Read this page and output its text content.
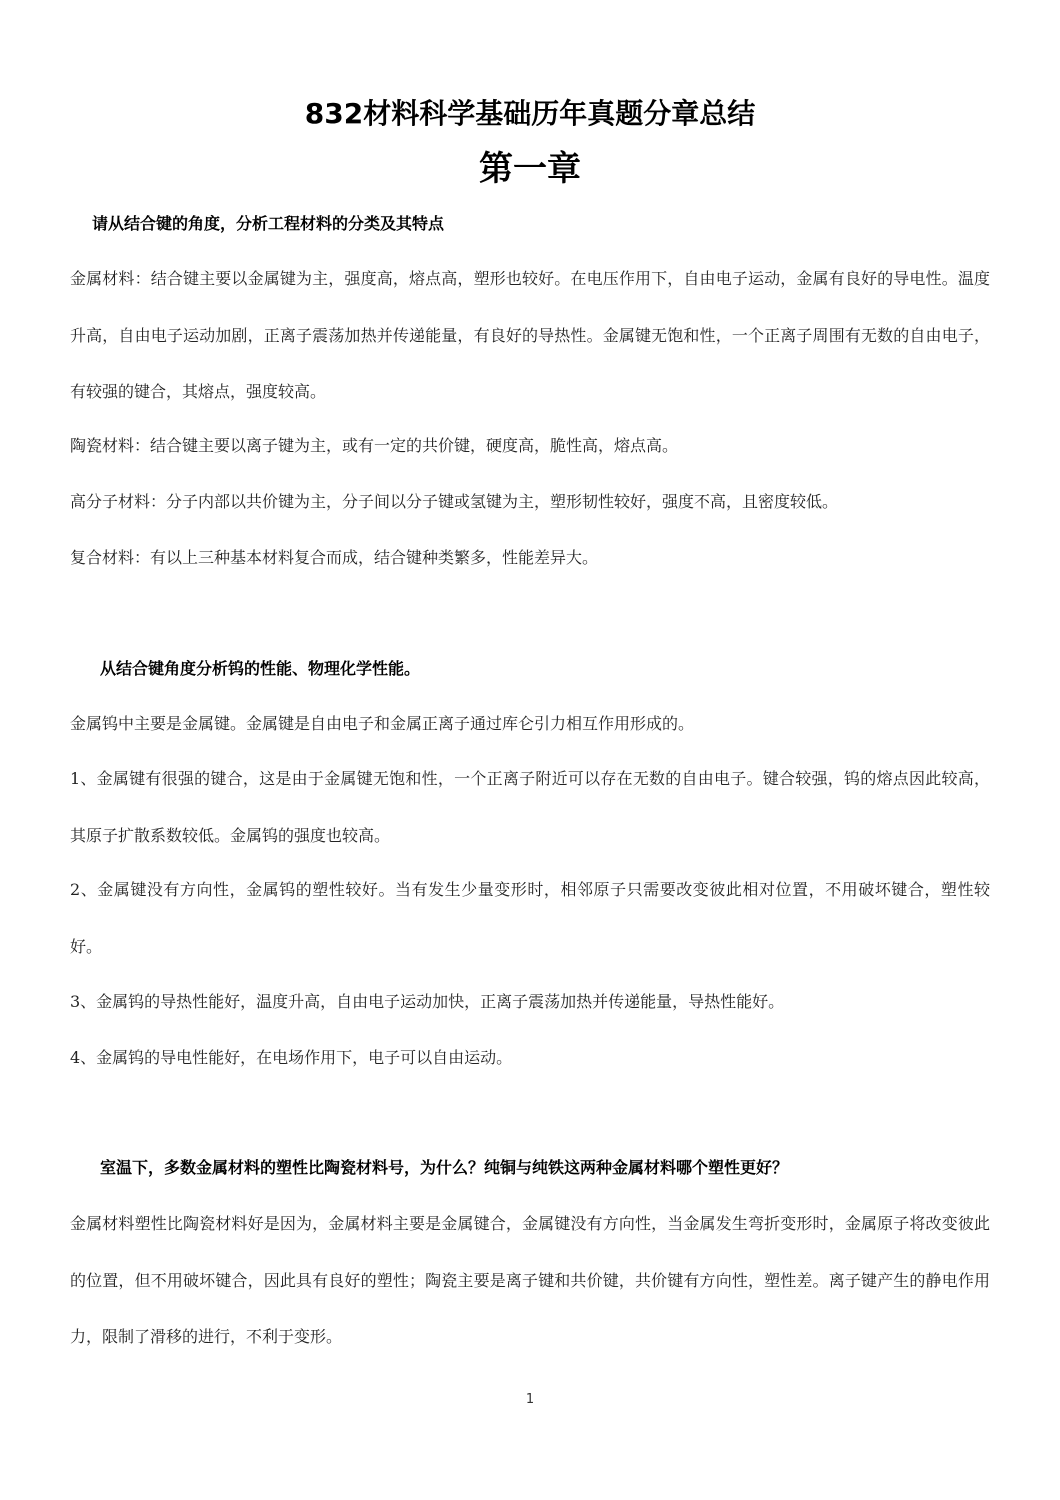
832材料科学基础历年真题分章总结
第一章

请从结合键的角度，分析工程材料的分类及其特点

金属材料：结合键主要以金属键为主，强度高，熔点高，塑形也较好。在电压作用下，自由电子运动，金属有良好的导电性。温度升高，自由电子运动加剧，正离子震荡加热并传递能量，有良好的导热性。金属键无饱和性，一个正离子周围有无数的自由电子，有较强的键合，其熔点，强度较高。

陶瓷材料：结合键主要以离子键为主，或有一定的共价键，硬度高，脆性高，熔点高。

高分子材料：分子内部以共价键为主，分子间以分子键或氢键为主，塑形韧性较好，强度不高，且密度较低。

复合材料：有以上三种基本材料复合而成，结合键种类繁多，性能差异大。

从结合键角度分析钨的性能、物理化学性能。

金属钨中主要是金属键。金属键是自由电子和金属正离子通过库仑引力相互作用形成的。

1、金属键有很强的键合，这是由于金属键无饱和性，一个正离子附近可以存在无数的自由电子。键合较强，钨的熔点因此较高，其原子扩散系数较低。金属钨的强度也较高。

2、金属键没有方向性，金属钨的塑性较好。当有发生少量变形时，相邻原子只需要改变彼此相对位置，不用破坏键合，塑性较好。

3、金属钨的导热性能好，温度升高，自由电子运动加快，正离子震荡加热并传递能量，导热性能好。

4、金属钨的导电性能好，在电场作用下，电子可以自由运动。

室温下，多数金属材料的塑性比陶瓷材料号，为什么？纯铜与纯铁这两种金属材料哪个塑性更好？

金属材料塑性比陶瓷材料好是因为，金属材料主要是金属键合，金属键没有方向性，当金属发生弯折变形时，金属原子将改变彼此的位置，但不用破坏键合，因此具有良好的塑性；陶瓷主要是离子键和共价键，共价键有方向性，塑性差。离子键产生的静电作用力，限制了滑移的进行，不利于变形。

1
